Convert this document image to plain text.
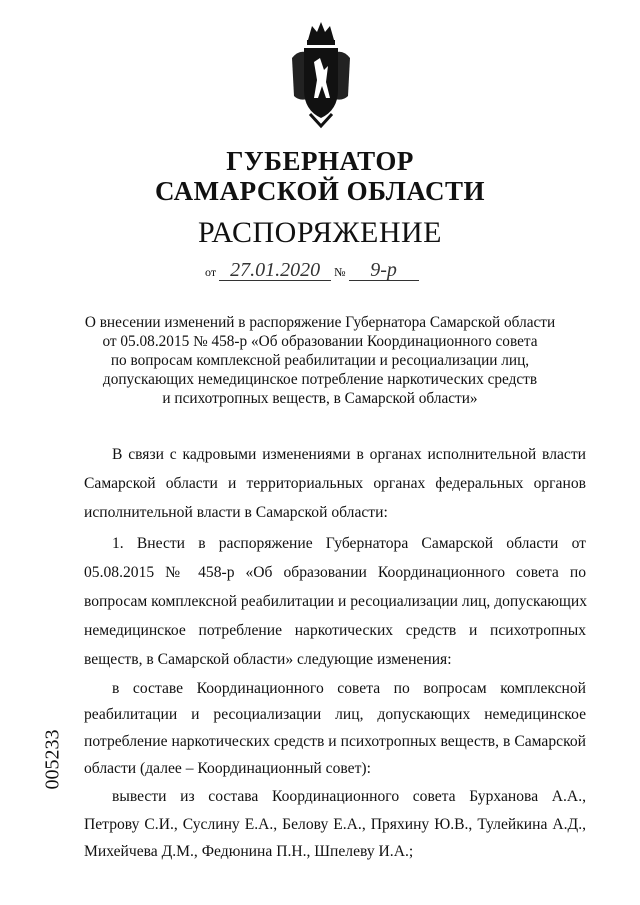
ГУБЕРНАТОР
САМАРСКОЙ ОБЛАСТИ
РАСПОРЯЖЕНИЕ
от 27.01.2020 № 9-р
О внесении изменений в распоряжение Губернатора Самарской области
от 05.08.2015 № 458-р «Об образовании Координационного совета
по вопросам комплексной реабилитации и ресоциализации лиц,
допускающих немедицинское потребление наркотических средств
и психотропных веществ, в Самарской области»
В связи с кадровыми изменениями в органах исполнительной власти
Самарской области и территориальных органах федеральных органов
исполнительной власти в Самарской области:
1. Внести в распоряжение Губернатора Самарской области от
05.08.2015 № 458-р «Об образовании Координационного совета по
вопросам комплексной реабилитации и ресоциализации лиц, допускающих
немедицинское потребление наркотических средств и психотропных
веществ, в Самарской области» следующие изменения:
в составе Координационного совета по вопросам комплексной
реабилитации и ресоциализации лиц, допускающих немедицинское
потребление наркотических средств и психотропных веществ, в Самарской
области (далее – Координационный совет):
вывести из состава Координационного совета Бурханова А.А.,
Петрову С.И., Суслину Е.А., Белову Е.А., Пряхину Ю.В., Тулейкина А.Д.,
Михейчева Д.М., Федюнина П.Н., Шпелеву И.А.;
005233
